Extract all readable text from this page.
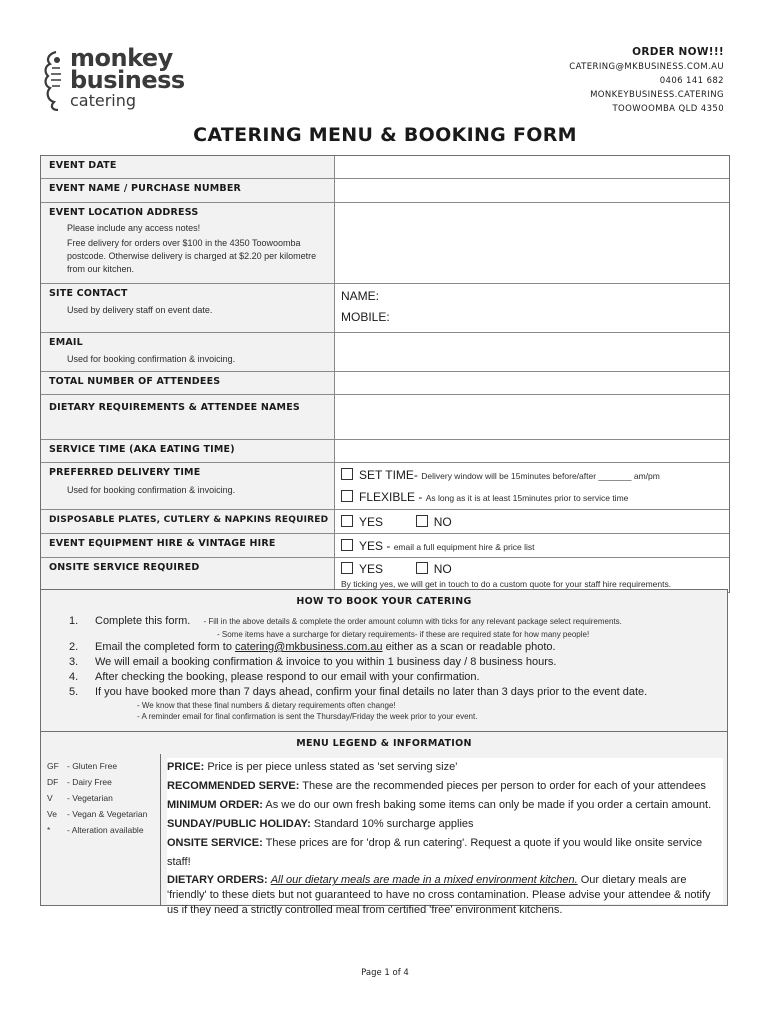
monkey
business
catering
ORDER NOW!!!
CATERING@MKBUSINESS.COM.AU
0406 141 682
MONKEYBUSINESS.CATERING
TOOWOOMBA QLD 4350
CATERING MENU & BOOKING FORM
EVENT DATE
EVENT NAME / PURCHASE NUMBER
EVENT LOCATION ADDRESS
Please include any access notes!
Free delivery for orders over $100 in the 4350 Toowoomba postcode. Otherwise delivery is charged at $2.20 per kilometre from our kitchen.
SITE CONTACT
Used by delivery staff on event date.
NAME:
MOBILE:
EMAIL
Used for booking confirmation & invoicing.
TOTAL NUMBER OF ATTENDEES
DIETARY REQUIREMENTS & ATTENDEE NAMES
SERVICE TIME (AKA EATING TIME)
PREFERRED DELIVERY TIME
Used for booking confirmation & invoicing.
SET TIME- Delivery window will be 15minutes before/after _______ am/pm
FLEXIBLE - As long as it is at least 15minutes prior to service time
DISPOSABLE PLATES, CUTLERY & NAPKINS REQUIRED	YES	NO
EVENT EQUIPMENT HIRE & VINTAGE HIRE	YES - email a full equipment hire & price list
ONSITE SERVICE REQUIRED	YES	NO
By ticking yes, we will get in touch to do a custom quote for your staff hire requirements.
HOW TO BOOK YOUR CATERING
1. Complete this form. - Fill in the above details & complete the order amount column with ticks for any relevant package select requirements.
- Some items have a surcharge for dietary requirements- if these are required state for how many people!
2. Email the completed form to catering@mkbusiness.com.au either as a scan or readable photo.
3. We will email a booking confirmation & invoice to you within 1 business day / 8 business hours.
4. After checking the booking, please respond to our email with your confirmation.
5. If you have booked more than 7 days ahead, confirm your final details no later than 3 days prior to the event date.
- We know that these final numbers & dietary requirements often change!
- A reminder email for final confirmation is sent the Thursday/Friday the week prior to your event.
MENU LEGEND & INFORMATION
GF - Gluten Free
DF - Dairy Free
V - Vegetarian
Ve - Vegan & Vegetarian
* - Alteration available
PRICE: Price is per piece unless stated as 'set serving size'
RECOMMENDED SERVE: These are the recommended pieces per person to order for each of your attendees
MINIMUM ORDER: As we do our own fresh baking some items can only be made if you order a certain amount.
SUNDAY/PUBLIC HOLIDAY: Standard 10% surcharge applies
ONSITE SERVICE: These prices are for 'drop & run catering'. Request a quote if you would like onsite service staff!
DIETARY ORDERS: All our dietary meals are made in a mixed environment kitchen. Our dietary meals are 'friendly' to these diets but not guaranteed to have no cross contamination. Please advise your attendee & notify us if they need a strictly controlled meal from certified 'free' environment kitchens.
Page 1 of 4
